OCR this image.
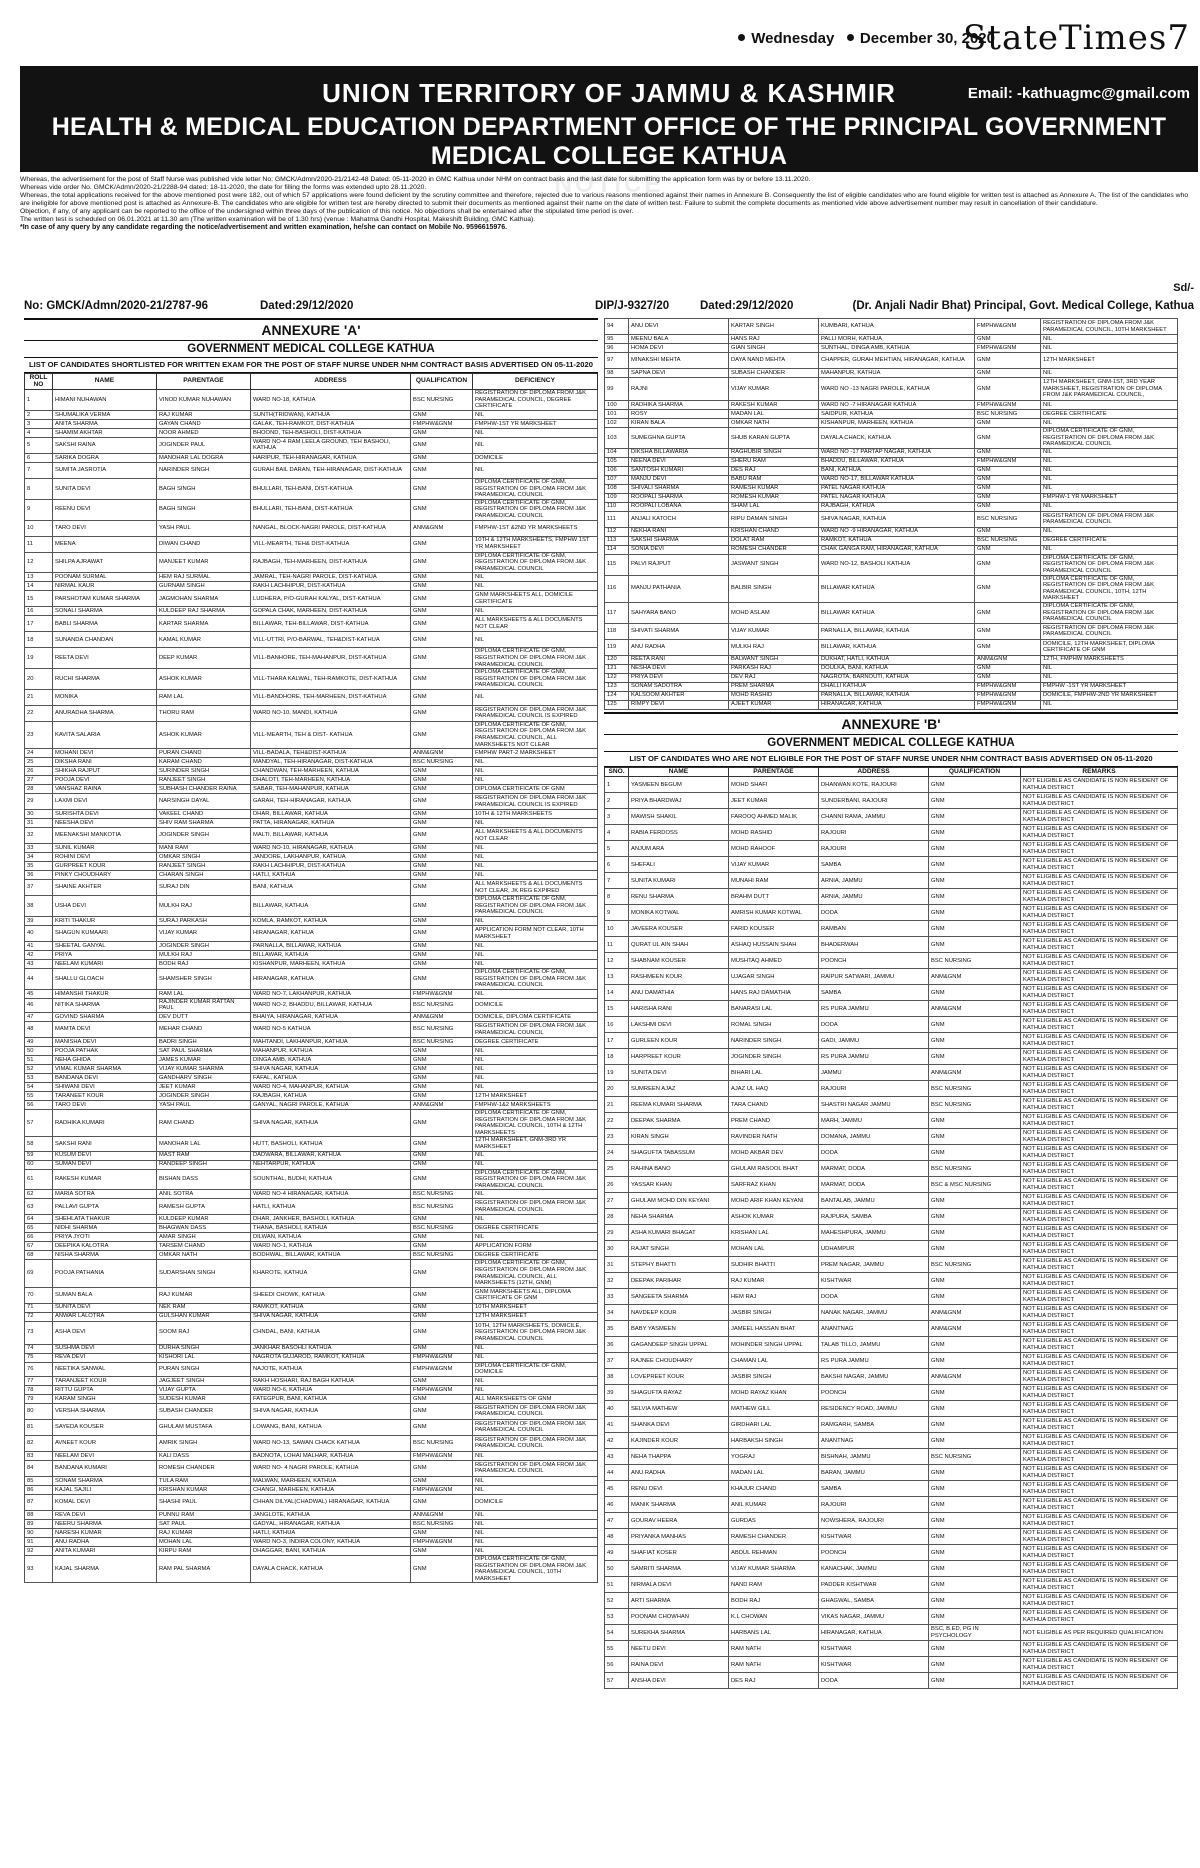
Wednesday December 30, 2020
StateTimes7
UNION TERRITORY OF JAMMU & KASHMIR	Email: -kathuagmc@gmail.com
HEALTH & MEDICAL EDUCATION DEPARTMENT OFFICE OF THE PRINCIPAL GOVERNMENT MEDICAL COLLEGE KATHUA
NOTICE

Whereas, the advertisement for the post of Staff Nurse was published vide letter No: GMCK/Admn/2020-21/2142-48 Dated: 05-11-2020 in GMC Kathua under NHM on contract basis and the last date for submitting the application form was by or before 13.11.2020.

Whereas vide order No. GMCK/Admn/2020-21/2288-94 dated: 18-11-2020, the date for filling the forms was extended upto 28.11.2020.

Whereas, the total applications received for the above mentioned post were 182, out of which 57 applications were found deficient by the scrutiny committee and therefore, rejected due to various reasons mentioned against their names in Annexure B. Consequently the list of eligible candidates who are found eligible for written test is attached as Annexure A. The list of the candidates who are ineligible for above mentioned post is attached as Annexure-B. The candidates who are eligible for written test are hereby directed to submit their documents as mentioned against their name on the date of written test. Failure to submit the complete documents as mentioned vide above advertisement number may result in cancellation of their candidature.

Objection, if any, of any applicant can be reported to the office of the undersigned within three days of the publication of this notice. No objections shall be entertained after the stipulated time period is over.

The written test is scheduled on 06.01.2021 at 11.30 am (The written examination will be of 1.30 hrs) (venue : Mahatma Gandhi Hospital, Makeshift Building, GMC Kathua).

*In case of any query by any candidate regarding the notice/advertisement and written examination, he/she can contact on Mobile No. 9596615976.

Sd/-
No: GMCK/Admn/2020-21/2787-96	Dated:29/12/2020	DIP/J-9327/20	Dated:29/12/2020	(Dr. Anjali Nadir Bhat) Principal, Govt. Medical College, Kathua
ANNEXURE 'A'
GOVERNMENT MEDICAL COLLEGE KATHUA
LIST OF CANDIDATES SHORTLISTED FOR WRITTEN EXAM FOR THE POST OF STAFF NURSE UNDER NHM CONTRACT BASIS ADVERTISED ON 05-11-2020
ROLL NO	NAME	PARENTAGE	ADDRESS	QUALIFICATION	DEFICIENCY
1	HIMANI NUHAWAN	VINOD KUMAR NUHAWAN	WARD NO-18, KATHUA	BSC NURSING	REGISTRATION OF DIPLOMA FROM J&K PARAMEDICAL COUNCIL, DEGREE CERTIFICATE
2	SHUMALIKA VERMA	RAJ KUMAR	SUNTH(TRIDWAN), KATHUA	GNM	NIL
3	ANITA SHARMA	GAYAN CHAND	GALAK, TEH-RAMKOT, DIST-KATHUA	FMPHW&GNM	FMPHW-1ST YR MARKSHEET
4	SHAMIM AKHTAR	NOOR AHMED	BHOOND, TEH-BASHOLI, DIST-KATHUA	GNM	NIL
5	SAKSHI RAINA	JOGINDER PAUL	WARD NO-4 RAM LEELA GROUND, TEH BASHOLI, KATHUA	GNM	NIL
6	SARIKA DOGRA	MANOHAR LAL DOGRA	HARIPUR, TEH-HIRANAGAR, KATHUA	GNM	DOMICILE
7	SUMITA JASROTIA	NARINDER SINGH	GURAH BAIL DARAN, TEH-HIRANAGAR, DIST-KATHUA	GNM	NIL
8	SUNITA DEVI	BAGH SINGH	BHULLARI, TEH-BANI, DIST-KATHUA	GNM	DIPLOMA CERTIFICATE OF GNM, REGISTRATION OF DIPLOMA FROM J&K PARAMEDICAL COUNCIL
9	REENU DEVI	BAGH SINGH	BHULLARI, TEH-BANI, DIST-KATHUA	GNM	DIPLOMA CERTIFICATE OF GNM, REGISTRATION OF DIPLOMA FROM J&K PARAMEDICAL COUNCIL
10	TARO DEVI	YASH PAUL	NANGAL, BLOCK-NAGRI PAROLE, DIST-KATHUA	ANM&GNM	FMPHW-1ST &2ND YR MARKSHEETS
11	MEENA	DIWAN CHAND	VILL-MEARTH, TEH& DIST-KATHUA	GNM	10TH & 12TH MARKSHEETS, FMPHW 1ST YR MARKSHEET
12	SHILPA AJRAWAT	MANJEET KUMAR	RAJBAGH, TEH-MARHEEN, DIST-KATHUA	GNM	DIPLOMA CERTIFICATE OF GNM, REGISTRATION OF DIPLOMA FROM J&K PARAMEDICAL COUNCIL
13	POONAM SURMAL	HEM RAJ SURMAL	JAMRAL, TEH-NAGRI PAROLE, DIST-KATHUA	GNM	NIL
14	NIRMAL KAUR	GURNAM SINGH	RAKH LACHHIPUR, DIST-KATHUA	GNM	NIL
15	PARSHOTAM KUMAR SHARMA	JAGMOHAN SHARMA	LUDHERA, P/O-GURAH KALYAL, DIST-KATHUA	GNM	GNM MARKSHEETS ALL, DOMICILE CERTIFICATE
16	SONALI SHARMA	KULDEEP RAJ SHARMA	GOPALA CHAK, MARHEEN, DIST-KATHUA	GNM	NIL
17	BABLI SHARMA	KARTAR SHARMA	BILLAWAR, TEH-BILLAWAR, DIST-KATHUA	GNM	ALL MARKSHEETS & ALL DOCUMENTS NOT CLEAR
18	SUNANDA CHANDAN	KAMAL KUMAR	VILL-UTTRI, P/O-BARWAL, TEH&DIST-KATHUA	GNM	NIL
19	REETA DEVI	DEEP KUMAR	VILL-BANHORE, TEH-MAHANPUR, DIST-KATHUA	GNM	DIPLOMA CERTIFICATE OF GNM, REGISTRATION OF DIPLOMA FROM J&K PARAMEDICAL COUNCIL
20	RUCHI SHARMA	ASHOK KUMAR	VILL-THARA KALWAL, TEH-RAMKOTE, DIST-KATHUA	GNM	DIPLOMA CERTIFICATE OF GNM, REGISTRATION OF DIPLOMA FROM J&K PARAMEDICAL COUNCIL
21	MONIKA	RAM LAL	VILL-BANDHORE, TEH-MARHEEN, DIST-KATHUA	GNM	NIL
22	ANURADHA SHARMA	THORU RAM	WARD NO-10, MANDI, KATHUA	GNM	REGISTRATION OF DIPLOMA FROM J&K PARAMEDICAL COUNCIL IS EXPIRED
23	KAVITA SALARIA	ASHOK KUMAR	VILL-MEARTH, TEH & DIST- KATHUA	GNM	DIPLOMA CERTIFICATE OF GNM, REGISTRATION OF DIPLOMA FROM J&K PARAMEDICAL COUNCIL, ALL MARKSHEETS NOT CLEAR
24	MOHANI DEVI	PURAN CHAND	VILL-BADALA, TEH&DIST-KATHUA	ANM&GNM	FMPHW PART-2 MARKSHEET
25	DIKSHA RANI	KARAM CHAND	MANDYAL, TEH-HIRANAGAR, DIST-KATHUA	BSC NURSING	NIL
26	SHIKHA RAJPUT	SURINDER SINGH	CHANDWAN, TEH-MARHEEN, KATHUA	GNM	NIL
27	POOJA DEVI	RANJEET SINGH	DHALOTI, TEH-MARHEEN, KATHUA	GNM	NIL
28	VANSHAZ RAINA	SUBHASH CHANDER RAINA	SABAR, TEH-MAHANPUR, KATHUA	GNM	DIPLOMA CERTIFICATE OF GNM
29	LAXMI DEVI	NARSINGH DAYAL	GARAH, TEH-HIRANAGAR, KATHUA	GNM	REGISTRATION OF DIPLOMA FROM J&K PARAMEDICAL COUNCIL IS EXPIRED
30	SURISHTA DEVI	VAKEEL CHAND	DHAR, BILLAWAR, KATHUA	GNM	10TH & 12TH MARKSHEETS
31	NEESHA DEVI	SHIV RAM SHARMA	PATTA, HIRANAGAR, KATHUA	GNM	NIL
32	MEENAKSHI MANKOTIA	JOGINDER SINGH	MALTI, BILLAWAR, KATHUA	GNM	ALL MARKSHEETS & ALL DOCUMENTS NOT CLEAR
33	SUNIL KUMAR	MANI RAM	WARD NO-10, HIRANAGAR, KATHUA	GNM	NIL
34	ROHINI DEVI	OMKAR SINGH	JANDORE, LAKHANPUR, KATHUA	GNM	NIL
35	GURPREET KOUR	RANJEET SINGH	RAKH LACHHIPUR, DIST-KATHUA	GNM	NIL
36	PINKY CHOUDHARY	CHARAN SINGH	HATLI, KATHUA	GNM	NIL
37	SHAINE AKHTER	SURAJ DIN	BANI, KATHUA	GNM	ALL MARKSHEETS & ALL DOCUMENTS NOT CLEAR, JK REG EXPIRED
38	USHA DEVI	MULKH RAJ	BILLAWAR, KATHUA	GNM	DIPLOMA CERTIFICATE OF GNM, REGISTRATION OF DIPLOMA FROM J&K PARAMEDICAL COUNCIL
39	KRITI THAKUR	SURAJ PARKASH	KOMLA, RAMKOT, KATHUA	GNM	NIL
40	SHAGUN KUMAARI	VIJAY KUMAR	HIRANAGAR, KATHUA	GNM	APPLICATION FORM NOT CLEAR, 10TH MARKSHEET
41	SHEETAL GANYAL	JOGINDER SINGH	PARNALLA, BILLAWAR, KATHUA	GNM	NIL
42	PRIYA	MULKH RAJ	BILLAWAR, KATHUA	GNM	NIL
43	NEELAM KUMARI	BODH RAJ	KISHANPUR, MARHEEN, KATHUA	GNM	NIL
44	SHALLU GLOACH	SHAMSHER SINGH	HIRANAGAR, KATHUA	GNM	DIPLOMA CERTIFICATE OF GNM, REGISTRATION OF DIPLOMA FROM J&K PARAMEDICAL COUNCIL
45	HIMANSHI THAKUR	RAM LAL	WARD NO-7, LAKHANPUR, KATHUA	FMPHW&GNM	NIL
46	NITIKA SHARMA	RAJINDER KUMAR RATTAN PAUL	WARD NO-2, BHADDU, BILLAWAR, KATHUA	BSC NURSING	DOMICILE
47	GOVIND SHARMA	DEV DUTT	BHAIYA, HIRANAGAR, KATHUA	ANM&GNM	DOMICILE, DIPLOMA CERTIFICATE
48	MAMTA DEVI	MEHAR CHAND	WARD NO-5 KATHUA	BSC NURSING	REGISTRATION OF DIPLOMA FROM J&K PARAMEDICAL COUNCIL
49	MANISHA DEVI	BADRI SINGH	MAHTANDI, LAKHANPUR, KATHUA	BSC NURSING	DEGREE CERTIFICATE
50	POOJA PATHAK	SAT PAUL SHARMA	MAHANPUR, KATHUA	GNM	NIL
51	NEHA GHIDA	JAMES KUMAR	DINGA AMB, KATHUA	GNM	NIL
52	VIMAL KUMAR SHARMA	VIJAY KUMAR SHARMA	SHIVA NAGAR, KATHUA	GNM	NIL
53	BANDANA DEVI	GANDHARV SINGH	FAFAL, KATHUA	GNM	NIL
54	SHIWANI DEVI	JEET KUMAR	WARD NO-4, MAHANPUR, KATHUA	GNM	NIL
55	TARANEET KOUR	JOGINDER SINGH	RAJBAGH, KATHUA	GNM	12TH MARKSHEET
56	TARO DEVI	YASH PAUL	GANYAL, NAGRI PAROLE, KATHUA	ANM&GNM	FMPHW-1&2 MARKSHEETS
57	RADHIKA KUMARI	RAM CHAND	SHIVA NAGAR, KATHUA	GNM	DIPLOMA CERTIFICATE OF GNM, REGISTRATION OF DIPLOMA FROM J&K PARAMEDICAL COUNCIL, 10TH & 12TH MARKSHEETS
58	SAKSHI RANI	MANOHAR LAL	HUTT, BASHOLI, KATHUA	GNM	12TH MARKSHEET, GNM-3RD YR MARKSHEET
59	KUSUM DEVI	MAST RAM	DADWARA, BILLAWAR, KATHUA	GNM	NIL
60	SUMAN DEVI	RANDEEP SINGH	NEHTARPUR, KATHUA	GNM	NIL
61	RAKESH KUMAR	BISHAN DASS	SOUNTHAL, BUDHI, KATHUA	GNM	DIPLOMA CERTIFICATE OF GNM, REGISTRATION OF DIPLOMA FROM J&K PARAMEDICAL COUNCIL
62	MARIA SOTRA	ANIL SOTRA	WARD NO-4 HIRANAGAR, KATHUA	BSC NURSING	NIL
63	PALLAVI GUPTA	RAMESH GUPTA	HATLI, KATHUA	BSC NURSING	REGISTRATION OF DIPLOMA FROM J&K PARAMEDICAL COUNCIL
64	SHEHLATA THAKUR	KULDEEP KUMAR	DHAR, JANKHER, BASHOLI, KATHUA	GNM	NIL
65	NIDHI SHARMA	BHAGWAN DASS	THANA, BASHOLI, KATHUA	BSC NURSING	DEGREE CERTIFICATE
66	PRIYA JYOTI	AMAR SINGH	DILWAN, KATHUA	GNM	NIL
67	DEEPIKA KALOTRA	TARSEM CHAND	WARD NO-1, KATHUA	GNM	APPLICATION FORM
68	NISHA SHARMA	OMKAR NATH	BODHWAL, BILLAWAR, KATHUA	BSC NURSING	DEGREE CERTIFICATE
69	POOJA PATHANIA	SUDARSHAN SINGH	KHAROTE, KATHUA	GNM	DIPLOMA CERTIFICATE OF GNM, REGISTRATION OF DIPLOMA FROM J&K PARAMEDICAL COUNCIL, ALL MARKSHEETS (12TH, GNM)
70	SUMAN BALA	RAJ KUMAR	SHEEDI CHOWK, KATHUA	GNM	GNM MARKSHEETS ALL, DIPLOMA CERTIFICATE OF GNM
71	SUNITA DEVI	NEK RAM	RAMKOT, KATHUA	GNM	10TH MARKSHEET
72	ANWAR LALOTRA	GULSHAN KUMAR	SHIVA NAGAR, KATHUA	GNM	12TH MARKSHEET
73	ASHA DEVI	SOOM RAJ	CHNDAL, BANI, KATHUA	GNM	10TH, 12TH MARKSHEETS, DOMICILE, REGISTRATION OF DIPLOMA FROM J&K PARAMEDICAL COUNCIL
74	SUSHMA DEVI	DURHA SINGH	JANKHAR BASOHLI KATHUA	GNM	NIL
75	REVA DEVI	KISHORI LAL	NAGROTA GUJAROD, RAMKOT, KATHUA	FMPHW&GNM	NIL
76	NEETIKA SANWAL	PURAN SINGH	NAJOTE, KATHUA	FMPHW&GNM	DIPLOMA CERTIFICATE OF GNM, DOMICILE
77	TARANJEET KOUR	JAGJEET SINGH	RAKH HOSHARI, RAJ BAGH KATHUA	GNM	NIL
78	RITTU GUPTA	VIJAY GUPTA	WARD NO-6, KATHUA	FMPHW&GNM	NIL
79	KARAM SINGH	SUDESH KUMAR	FATEGPUR, BANI, KATHUA	GNM	ALL MARKSHEETS OF GNM
80	VERSHA SHARMA	SUBASH CHANDER	SHIVA NAGAR, KATHUA	GNM	REGISTRATION OF DIPLOMA FROM J&K PARAMEDICAL COUNCIL
81	SAYEDA KOUSER	GHULAM MUSTAFA	LOWANG, BANI, KATHUA	GNM	REGISTRATION OF DIPLOMA FROM J&K PARAMEDICAL COUNCIL
82	AVNEET KOUR	AMRIK SINGH	WARD NO-13, SAWAN CHACK KATHUA	BSC NURSING	REGISTRATION OF DIPLOMA FROM J&K PARAMEDICAL COUNCIL
83	NEELAM DEVI	KALI DASS	BADNOTA, LOHAI MALHAR, KATHUA	FMPHW&GNM	NIL
84	BANDANA KUMARI	ROMESH CHANDER	WARD NO- 4 NAGRI PAROLE, KATHUA	GNM	REGISTRATION OF DIPLOMA FROM J&K PARAMEDICAL COUNCIL
85	SONAM SHARMA	TULA RAM	MALWAN, MARHEEN, KATHUA	GNM	NIL
86	KAJAL SAJILI	KRISHAN KUMAR	CHANGI, MARHEEN, KATHUA	FMPHW&GNM	NIL
87	KOMAL DEVI	SHASHI PAUL	CHHAN DILYAL(CHADWAL) HIRANAGAR, KATHUA	GNM	DOMICILE
88	REVA DEVI	PUNNU RAM	JANGLOTE, KATHUA	ANM&GNM	NIL
89	NEERU SHARMA	SAT PAUL	GADYAL, HIRANAGAR, KATHUA	BSC NURSING	NIL
90	NARESH KUMAR	RAJ KUMAR	HATLI, KATHUA	GNM	NIL
91	ANU RADHA	MOHAN LAL	WARD NO-3, INDIRA COLONY, KATHUA	FMPHW&GNM	NIL
92	ANITA KUMARI	KIRPU RAM	DHAGGAR, BANI, KATHUA	GNM	NIL
93	KAJAL SHARMA	RAM PAL SHARMA	DAYALA CHACK, KATHUA	GNM	DIPLOMA CERTIFICATE OF GNM, REGISTRATION OF DIPLOMA FROM J&K PARAMEDICAL COUNCIL, 10TH MARKSHEET
94	ANU DEVI	KARTAR SINGH	KUMBARI, KATHUA	FMPHW&GNM	REGISTRATION OF DIPLOMA FROM J&K PARAMEDICAL COUNCIL, 10TH MARKSHEET
95	MEENU BALA	HANS RAJ	PALLI MORH, KATHUA	GNM	NIL
96	HOMA DEVI	GIAN SINGH	SUNTHAL, DINGA AMB, KATHUA	FMPHW&GNM	NIL
97	MINAKSHI MEHTA	DAYA NAND MEHTA	CHAPPER, GURAH MEHTIAN, HIRANAGAR, KATHUA	GNM	12TH MARKSHEET
98	SAPNA DEVI	SUBASH CHANDER	MAHANPUR, KATHUA	GNM	NIL
99	RAJNI	VIJAY KUMAR	WARD NO -13 NAGRI PAROLE, KATHUA	GNM	12TH MARKSHEET, GNM-1ST, 3RD YEAR MARKSHEET, REGISTRATION OF DIPLOMA FROM J&K PARAMEDICAL COUNCIL,
100	RADHIKA SHARMA	RAKESH KUMAR	WARD NO -7 HIRANAGAR KATHUA	FMPHW&GNM	NIL
101	ROSY	MADAN LAL	SAIDPUR, KATHUA	BSC NURSING	DEGREE CERTIFICATE
102	KIRAN BALA	OMKAR NATH	KISHANPUR, MARHEEN, KATHUA	GNM	NIL
103	SUMEGHNA GUPTA	SHUB KARAN GUPTA	DAYALA CHACK, KATHUA	GNM	DIPLOMA CERTIFICATE OF GNM, REGISTRATION OF DIPLOMA FROM J&K PARAMEDICAL COUNCIL
104	DIKSHA BILLAWARIA	RAGHUBIR SINGH	WARD NO -17 PARTAP NAGAR, KATHUA	GNM	NIL
105	NEENA DEVI	SHERU RAM	BHADDU, BILLAWAR, KATHUA	FMPHW&GNM	NIL
106	SANTOSH KUMARI	DES RAJ	BANI, KATHUA	GNM	NIL
107	MANJU DEVI	BABU RAM	WARD NO-17, BILLAWAR KATHUA	GNM	NIL
108	SHIVALI SHARMA	RAMESH KUMAR	PATEL NAGAR KATHUA	GNM	NIL
109	ROOPALI SHARMA	ROMESH KUMAR	PATEL NAGAR KATHUA	GNM	FMPHW-1 YR MARKSHEET
110	ROOPALI LOBANA	SHAM LAL	RAJBAGH, KATHUA	GNM	NIL
111	ANJALI KATOCH	RIPU DAMAN SINGH	SHIVA NAGAR, KATHUA	BSC NURSING	REGISTRATION OF DIPLOMA FROM J&K PARAMEDICAL COUNCIL
112	NEKHA RANI	KRISHAN CHAND	WARD NO -9 HIRANAGAR, KATHUA	GNM	NIL
113	SAKSHI SHARMA	DOLAT RAM	RAMKOT, KATHUA	BSC NURSING	DEGREE CERTIFICATE
114	SONIA DEVI	ROMESH CHANDER	CHAK GANGA RAM, HIRANAGAR, KATHUA	GNM	NIL
115	PALVI RAJPUT	JASWANT SINGH	WARD NO-12, BASHOLI KATHUA	GNM	DIPLOMA CERTIFICATE OF GNM, REGISTRATION OF DIPLOMA FROM J&K PARAMEDICAL COUNCIL
116	MANJU PATHANIA	BALBIR SINGH	BILLAWAR KATHUA	GNM	DIPLOMA CERTIFICATE OF GNM, REGISTRATION OF DIPLOMA FROM J&K PARAMEDICAL COUNCIL, 10TH, 12TH MARKSHEET
117	SAHYARA BANO	MOHD ASLAM	BILLAWAR KATHUA	GNM	DIPLOMA CERTIFICATE OF GNM, REGISTRATION OF DIPLOMA FROM J&K PARAMEDICAL COUNCIL
118	SHIVATI SHARMA	VIJAY KUMAR	PARNALLA, BILLAWAR, KATHUA	GNM	REGISTRATION OF DIPLOMA FROM J&K PARAMEDICAL COUNCIL
119	ANU RADHA	MULKH RAJ	BILLAWAR, KATHUA	GNM	DOMICILE, 12TH MARKSHEET, DIPLOMA CERTIFICATE OF GNM
120	REETA RANI	BALWANT SINGH	DUKHAT, HATLI, KATHUA	ANM&GNM	12TH, FMPHW MARKSHEETS
121	NESHA DEVI	PARKASH RAJ	DOULKA, BANI, KATHUA	GNM	NIL
122	PRIYA DEVI	DEV RAJ	NAGROTA, BARNOUTI, KATHUA	GNM	NIL
123	SONAM SADOTRA	PREM SHARMA	DHALLI KATHUA	FMPHW&GNM	FMPHW -1ST YR MARKSHEET
124	KALSOOM AKHTER	MOHD RASHID	PARNALLA, BILLAWAR, KATHUA	FMPHW&GNM	DOMICILE, FMPHW-2ND YR MARKSHEET
125	RIMPY DEVI	AJEET KUMAR	HIRANAGAR, KATHUA	FMPHW&GNM	NIL
ANNEXURE 'B'
GOVERNMENT MEDICAL COLLEGE KATHUA
LIST OF CANDIDATES WHO ARE NOT ELIGIBLE FOR THE POST OF STAFF NURSE UNDER NHM CONTRACT BASIS ADVERTISED ON 05-11-2020
SNO.	NAME	PARENTAGE	ADDRESS	QUALIFICATION	REMARKS
1	YASMEEN BEGUM	MOHD SHAFI	DHANWAN KOTE, RAJOURI	GNM	NOT ELIGIBLE AS CANDIDATE IS NON RESIDENT OF KATHUA DISTRICT
2	PRIYA BHARDWAJ	JEET KUMAR	SUNDERBANI, RAJOURI	GNM	NOT ELIGIBLE AS CANDIDATE IS NON RESIDENT OF KATHUA DISTRICT
3	MAWISH SHAKIL	FAROOQ AHMED MALIK	CHANNI RAMA, JAMMU	GNM	NOT ELIGIBLE AS CANDIDATE IS NON RESIDENT OF KATHUA DISTRICT
4	RABIA FERDOSS	MOHD RASHID	RAJOURI	GNM	NOT ELIGIBLE AS CANDIDATE IS NON RESIDENT OF KATHUA DISTRICT
5	ANJUM ARA	MOHD RAHOOF	RAJOURI	GNM	NOT ELIGIBLE AS CANDIDATE IS NON RESIDENT OF KATHUA DISTRICT
6	SHEFALI	VIJAY KUMAR	SAMBA	GNM	NOT ELIGIBLE AS CANDIDATE IS NON RESIDENT OF KATHUA DISTRICT
7	SUNITA KUMARI	MUNAHI RAM	ARNIA, JAMMU	GNM	NOT ELIGIBLE AS CANDIDATE IS NON RESIDENT OF KATHUA DISTRICT
8	RENU SHARMA	BRAHM DUTT	ARNIA, JAMMU	GNM	NOT ELIGIBLE AS CANDIDATE IS NON RESIDENT OF KATHUA DISTRICT
9	MONIKA KOTWAL	AMRISH KUMAR KOTWAL	DODA	GNM	NOT ELIGIBLE AS CANDIDATE IS NON RESIDENT OF KATHUA DISTRICT
10	JAVEERA KOUSER	FARID KOUSER	RAMBAN	GNM	NOT ELIGIBLE AS CANDIDATE IS NON RESIDENT OF KATHUA DISTRICT
11	QURAT UL AIN SHAH	ASHAQ HUSSAIN SHAH	BHADERWAH	GNM	NOT ELIGIBLE AS CANDIDATE IS NON RESIDENT OF KATHUA DISTRICT
12	SHABNAM KOUSER	MUSHTAQ AHMED	POONCH	BSC NURSING	NOT ELIGIBLE AS CANDIDATE IS NON RESIDENT OF KATHUA DISTRICT
13	RASHMEEN KOUR	UJAGAR SINGH	RAIPUR SATWARI, JAMMU	ANM&GNM	NOT ELIGIBLE AS CANDIDATE IS NON RESIDENT OF KATHUA DISTRICT
14	ANU DAMATHIA	HANS RAJ DAMATHIA	SAMBA	GNM	NOT ELIGIBLE AS CANDIDATE IS NON RESIDENT OF KATHUA DISTRICT
15	HARISHA RANI	BANARASI LAL	RS PURA JAMMU	ANM&GNM	NOT ELIGIBLE AS CANDIDATE IS NON RESIDENT OF KATHUA DISTRICT
16	LAKSHMI DEVI	ROMAL SINGH	DODA	GNM	NOT ELIGIBLE AS CANDIDATE IS NON RESIDENT OF KATHUA DISTRICT
17	GURLEEN KOUR	NARINDER SINGH	GADI, JAMMU	GNM	NOT ELIGIBLE AS CANDIDATE IS NON RESIDENT OF KATHUA DISTRICT
18	HARPREET KOUR	JOGINDER SINGH	RS PURA JAMMU	GNM	NOT ELIGIBLE AS CANDIDATE IS NON RESIDENT OF KATHUA DISTRICT
19	SUNITA DEVI	BIHARI LAL	JAMMU	ANM&GNM	NOT ELIGIBLE AS CANDIDATE IS NON RESIDENT OF KATHUA DISTRICT
20	SUMREEN AJAZ	AJAZ UL HAQ	RAJOURI	BSC NURSING	NOT ELIGIBLE AS CANDIDATE IS NON RESIDENT OF KATHUA DISTRICT
21	REEMA KUMARI SHARMA	TARA CHAND	SHASTRI NAGAR JAMMU	BSC NURSING	NOT ELIGIBLE AS CANDIDATE IS NON RESIDENT OF KATHUA DISTRICT
22	DEEPAK SHARMA	PREM CHAND	MARH, JAMMU	GNM	NOT ELIGIBLE AS CANDIDATE IS NON RESIDENT OF KATHUA DISTRICT
23	KIRAN SINGH	RAVINDER NATH	DOMANA, JAMMU	GNM	NOT ELIGIBLE AS CANDIDATE IS NON RESIDENT OF KATHUA DISTRICT
24	SHAGUFTA TABASSUM	MOHD AKBAR DEV	DODA	GNM	NOT ELIGIBLE AS CANDIDATE IS NON RESIDENT OF KATHUA DISTRICT
25	RAHINA BANO	GHULAM RASOOL BHAT	MARMAT, DODA	BSC NURSING	NOT ELIGIBLE AS CANDIDATE IS NON RESIDENT OF KATHUA DISTRICT
26	YASSAR KHAN	SARFRAZ KHAN	MARMAT, DODA	BSC & MSC NURSING	NOT ELIGIBLE AS CANDIDATE IS NON RESIDENT OF KATHUA DISTRICT
27	GHULAM MOHD DIN KEYANI	MOHD ARIF KHAN KEYANI	BANTALAB, JAMMU	GNM	NOT ELIGIBLE AS CANDIDATE IS NON RESIDENT OF KATHUA DISTRICT
28	NEHA SHARMA	ASHOK KUMAR	RAJPURA, SAMBA	GNM	NOT ELIGIBLE AS CANDIDATE IS NON RESIDENT OF KATHUA DISTRICT
29	ASHA KUMARI BHAGAT	KRISHAN LAL	MAHESHPURA, JAMMU	GNM	NOT ELIGIBLE AS CANDIDATE IS NON RESIDENT OF KATHUA DISTRICT
30	RAJAT SINGH	MOHAN LAL	UDHAMPUR	GNM	NOT ELIGIBLE AS CANDIDATE IS NON RESIDENT OF KATHUA DISTRICT
31	STEPHY BHATTI	SUDHIR BHATTI	PREM NAGAR, JAMMU	BSC NURSING	NOT ELIGIBLE AS CANDIDATE IS NON RESIDENT OF KATHUA DISTRICT
32	DEEPAK PARIHAR	RAJ KUMAR	KISHTWAR	GNM	NOT ELIGIBLE AS CANDIDATE IS NON RESIDENT OF KATHUA DISTRICT
33	SANGEETA SHARMA	HEM RAJ	DODA	GNM	NOT ELIGIBLE AS CANDIDATE IS NON RESIDENT OF KATHUA DISTRICT
34	NAVDEEP KOUR	JASBIR SINGH	NANAK NAGAR, JAMMU	ANM&GNM	NOT ELIGIBLE AS CANDIDATE IS NON RESIDENT OF KATHUA DISTRICT
35	BABY YASMEEN	JAMEEL HASSAN BHAT	ANANTNAG	ANM&GNM	NOT ELIGIBLE AS CANDIDATE IS NON RESIDENT OF KATHUA DISTRICT
36	GAGANDEEP SINGH UPPAL	MOHINDER SINGH UPPAL	TALAB TILLO, JAMMU	GNM	NOT ELIGIBLE AS CANDIDATE IS NON RESIDENT OF KATHUA DISTRICT
37	RAJNEE CHOUDHARY	CHAMAN LAL	RS PURA JAMMU	GNM	NOT ELIGIBLE AS CANDIDATE IS NON RESIDENT OF KATHUA DISTRICT
38	LOVEPREET KOUR	JASBIR SINGH	BAKSHI NAGAR, JAMMU	ANM&GNM	NOT ELIGIBLE AS CANDIDATE IS NON RESIDENT OF KATHUA DISTRICT
39	SHAGUFTA RAYAZ	MOHD RAYAZ KHAN	POONCH	GNM	NOT ELIGIBLE AS CANDIDATE IS NON RESIDENT OF KATHUA DISTRICT
40	SELVIA MATHEW	MATHEW GILL	RESIDENCY ROAD, JAMMU	GNM	NOT ELIGIBLE AS CANDIDATE IS NON RESIDENT OF KATHUA DISTRICT
41	SHANKA DEVI	GIRDHARI LAL	RAMGARH, SAMBA	GNM	NOT ELIGIBLE AS CANDIDATE IS NON RESIDENT OF KATHUA DISTRICT
42	KAJINDER KOUR	HARBAKSH SINGH	ANANTNAG	GNM	NOT ELIGIBLE AS CANDIDATE IS NON RESIDENT OF KATHUA DISTRICT
43	NEHA THAPPA	YOGRAJ	BISHNAH, JAMMU	BSC NURSING	NOT ELIGIBLE AS CANDIDATE IS NON RESIDENT OF KATHUA DISTRICT
44	ANU RADHA	MADAN LAL	BARAN, JAMMU	GNM	NOT ELIGIBLE AS CANDIDATE IS NON RESIDENT OF KATHUA DISTRICT
45	RENU DEVI	KHAJUR CHAND	SAMBA	GNM	NOT ELIGIBLE AS CANDIDATE IS NON RESIDENT OF KATHUA DISTRICT
46	MANIK SHARMA	ANIL KUMAR	RAJOURI	GNM	NOT ELIGIBLE AS CANDIDATE IS NON RESIDENT OF KATHUA DISTRICT
47	GOURAV HEERA	GURDAS	NOWSHERA, RAJOURI	GNM	NOT ELIGIBLE AS CANDIDATE IS NON RESIDENT OF KATHUA DISTRICT
48	PRIYANKA MANHAS	RAMESH CHANDER	KISHTWAR	GNM	NOT ELIGIBLE AS CANDIDATE IS NON RESIDENT OF KATHUA DISTRICT
49	SHAFIAT KOSER	ABDUL REHMAN	POONCH	GNM	NOT ELIGIBLE AS CANDIDATE IS NON RESIDENT OF KATHUA DISTRICT
50	SAMRITI SHARMA	VIJAY KUMAR SHARMA	KANACHAK, JAMMU	GNM	NOT ELIGIBLE AS CANDIDATE IS NON RESIDENT OF KATHUA DISTRICT
51	NIRMALA DEVI	NAND RAM	PADDER KISHTWAR	GNM	NOT ELIGIBLE AS CANDIDATE IS NON RESIDENT OF KATHUA DISTRICT
52	ARTI SHARMA	BODH RAJ	GHAGWAL, SAMBA	GNM	NOT ELIGIBLE AS CANDIDATE IS NON RESIDENT OF KATHUA DISTRICT
53	POONAM CHOWHAN	K.L CHOWAN	VIKAS NAGAR, JAMMU	GNM	NOT ELIGIBLE AS CANDIDATE IS NON RESIDENT OF KATHUA DISTRICT
54	SUREKHA SHARMA	HARBANS LAL	HIRANAGAR, KATHUA	BSC, B.ED, PG IN PSYCHOLOGY	NOT ELIGIBLE AS PER REQUIRED QUALIFICATION
55	NEETU DEVI	RAM NATH	KISHTWAR	GNM	NOT ELIGIBLE AS CANDIDATE IS NON RESIDENT OF KATHUA DISTRICT
56	RAINA DEVI	RAM NATH	KISHTWAR	GNM	NOT ELIGIBLE AS CANDIDATE IS NON RESIDENT OF KATHUA DISTRICT
57	ANSHA DEVI	DES RAJ	DODA	GNM	NOT ELIGIBLE AS CANDIDATE IS NON RESIDENT OF KATHUA DISTRICT
